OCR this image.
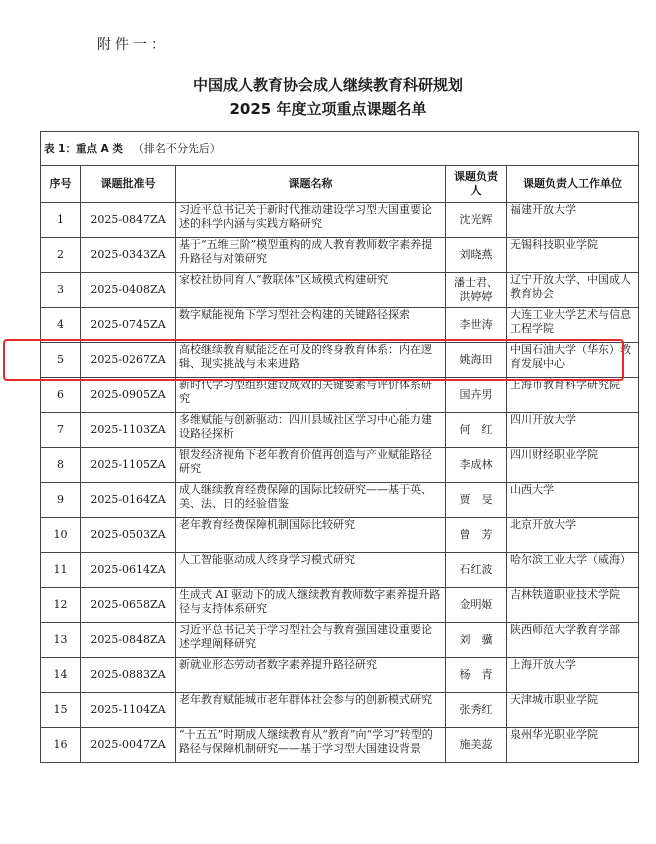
附件一：
中国成人教育协会成人继续教育科研规划
2025 年度立项重点课题名单
表 1：重点 A 类 （排名不分先后）				
序号	课题批准号	课题名称	课题负责人	课题负责人工作单位
1	2025-0847ZA	习近平总书记关于新时代推动建设学习型大国重要论述的科学内涵与实践方略研究	沈光辉	福建开放大学
2	2025-0343ZA	基于“五维三阶”模型重构的成人教育教师数字素养提升路径与对策研究	刘晓燕	无锡科技职业学院
3	2025-0408ZA	家校社协同育人“教联体”区域模式构建研究	潘士君、洪婷婷	辽宁开放大学、中国成人教育协会
4	2025-0745ZA	数字赋能视角下学习型社会构建的关键路径探索	李世涛	大连工业大学艺术与信息工程学院
5	2025-0267ZA	高校继续教育赋能泛在可及的终身教育体系：内在逻辑、现实挑战与未来进路	姚海田	中国石油大学（华东）教育发展中心
6	2025-0905ZA	新时代学习型组织建设成效的关键要素与评价体系研究	国卉男	上海市教育科学研究院
7	2025-1103ZA	多维赋能与创新驱动：四川县域社区学习中心能力建设路径探析	何　红	四川开放大学
8	2025-1105ZA	银发经济视角下老年教育价值再创造与产业赋能路径研究	李成林	四川财经职业学院
9	2025-0164ZA	成人继续教育经费保障的国际比较研究——基于英、美、法、日的经验借鉴	贾　旻	山西大学
10	2025-0503ZA	老年教育经费保障机制国际比较研究	曾　芳	北京开放大学
11	2025-0614ZA	人工智能驱动成人终身学习模式研究	石红波	哈尔滨工业大学（威海）
12	2025-0658ZA	生成式 AI 驱动下的成人继续教育教师数字素养提升路径与支持体系研究	金明姬	吉林铁道职业技术学院
13	2025-0848ZA	习近平总书记关于学习型社会与教育强国建设重要论述学理阐释研究	刘　骥	陕西师范大学教育学部
14	2025-0883ZA	新就业形态劳动者数字素养提升路径研究	杨　青	上海开放大学
15	2025-1104ZA	老年教育赋能城市老年群体社会参与的创新模式研究	张秀红	天津城市职业学院
16	2025-0047ZA	“十五五”时期成人继续教育从“教育”向“学习”转型的路径与保障机制研究——基于学习型大国建设背景	施美蕊	泉州华光职业学院
